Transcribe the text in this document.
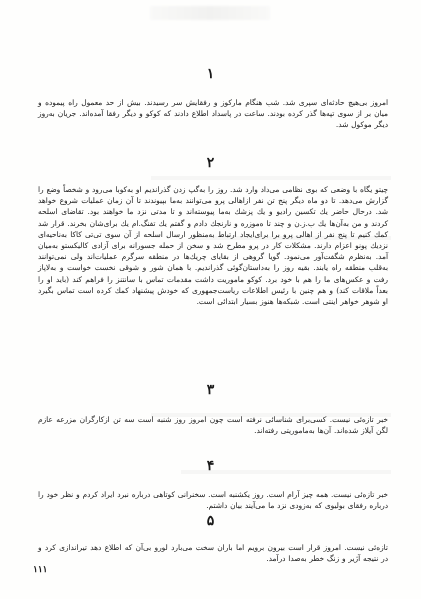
۱

امروز بی‌هیچ حادثه‌ای سپری شد. شب هنگام مارکوز و رفقایش سر رسیدند. بیش از حد معمول راه پیموده و میان بر از سوی تپه‌ها گذر کرده بودند. ساعت در پاسداد اطلاع دادند که کوکو و دیگر رفقا آمده‌اند. جریان به‌روز دیگر موکول شد.

۲

چیتو یگاه با وضعی که بوی نظامی می‌داد وارد شد. روز را به‌گپ زدن گذراندیم او به‌کوبا می‌رود و شخصاً وضع را گزارش می‌دهد. تا دو ماه دیگر پنج تن نفر ازاهالی پرو می‌توانند به‌ما بپیوندند تا آن زمان عملیات شروع خواهد شد. درحال حاضر یك تکسین رادیو و یك پزشك به‌ما پیوسته‌اند و تا مدتی نزد ما خواهند بود. تقاضای اسلحه کردند و من به‌آن‌ها یك ب.ز.ن و چند تا ه‌موزره و نارنجك دادم و گفتم یك تفنگ.ام یك برای‌شان بخرند. قرار شد کمك کنیم تا پنج نفر از اهالی پرو برا برای‌ایجاد ارتباط به‌منظور ارسال اسلحه از آن سوی تی‌تی کاکا به‌ناحیه‌ای نزدیك پونو اعزام دارند. مشکلات کار در پرو مطرح شد و سخن از حمله جسورانه برای آزادی کالیکستو به‌میان آمد. به‌نظرم شگفت‌آور می‌نمود. گویا گروهی از بقایای چریك‌ها در منطقه سرگرم عملیات‌اند ولی نمی‌توانند به‌قلب منطقه راه یابند. بقیه روز را به‌داستان‌گوئی گذراندیم. با همان شور و شوقی نخست خواست و به‌لاپاز رفت و عکس‌های ما را هم با خود برد. کوکو ماموریت داشت مقدمات تماس با سانتنز را فراهم کند (باید او را بعداً ملاقات کند) و هم چنین با رئیس اطلاعات ریاست‌جمهوری که خودش پیشنهاد کمك کرده است تماس بگیرد او شوهر خواهر اینتی است. شبکه‌ها هنوز بسیار ابتدائی است.

۳

خبر تازه‌ئی نیست. کسی‌برای شناسائی نرفته است چون امروز روز شنبه است سه تن ازکارگران مزرعه عازم لگن آیلاز شده‌اند. آن‌ها به‌ماموریتی رفته‌اند.

۴

خبر تازه‌ئی نیست. همه چیز آرام است. روز یکشنبه است. سخنرانی کوتاهی درباره نبرد ایراد کردم و نظر خود را درباره رفقای بولیوی که به‌زودی نزد ما می‌آیند بیان داشتم.

۵

تازه‌ئی نیست. امروز قرار است بیرون برویم اما باران سخت می‌بارد لورو بی‌آن که اطلاع دهد تیراندازی کرد و در نتیجه آژیر و زنگ خطر به‌صدا درآمد.

۱۱۱
